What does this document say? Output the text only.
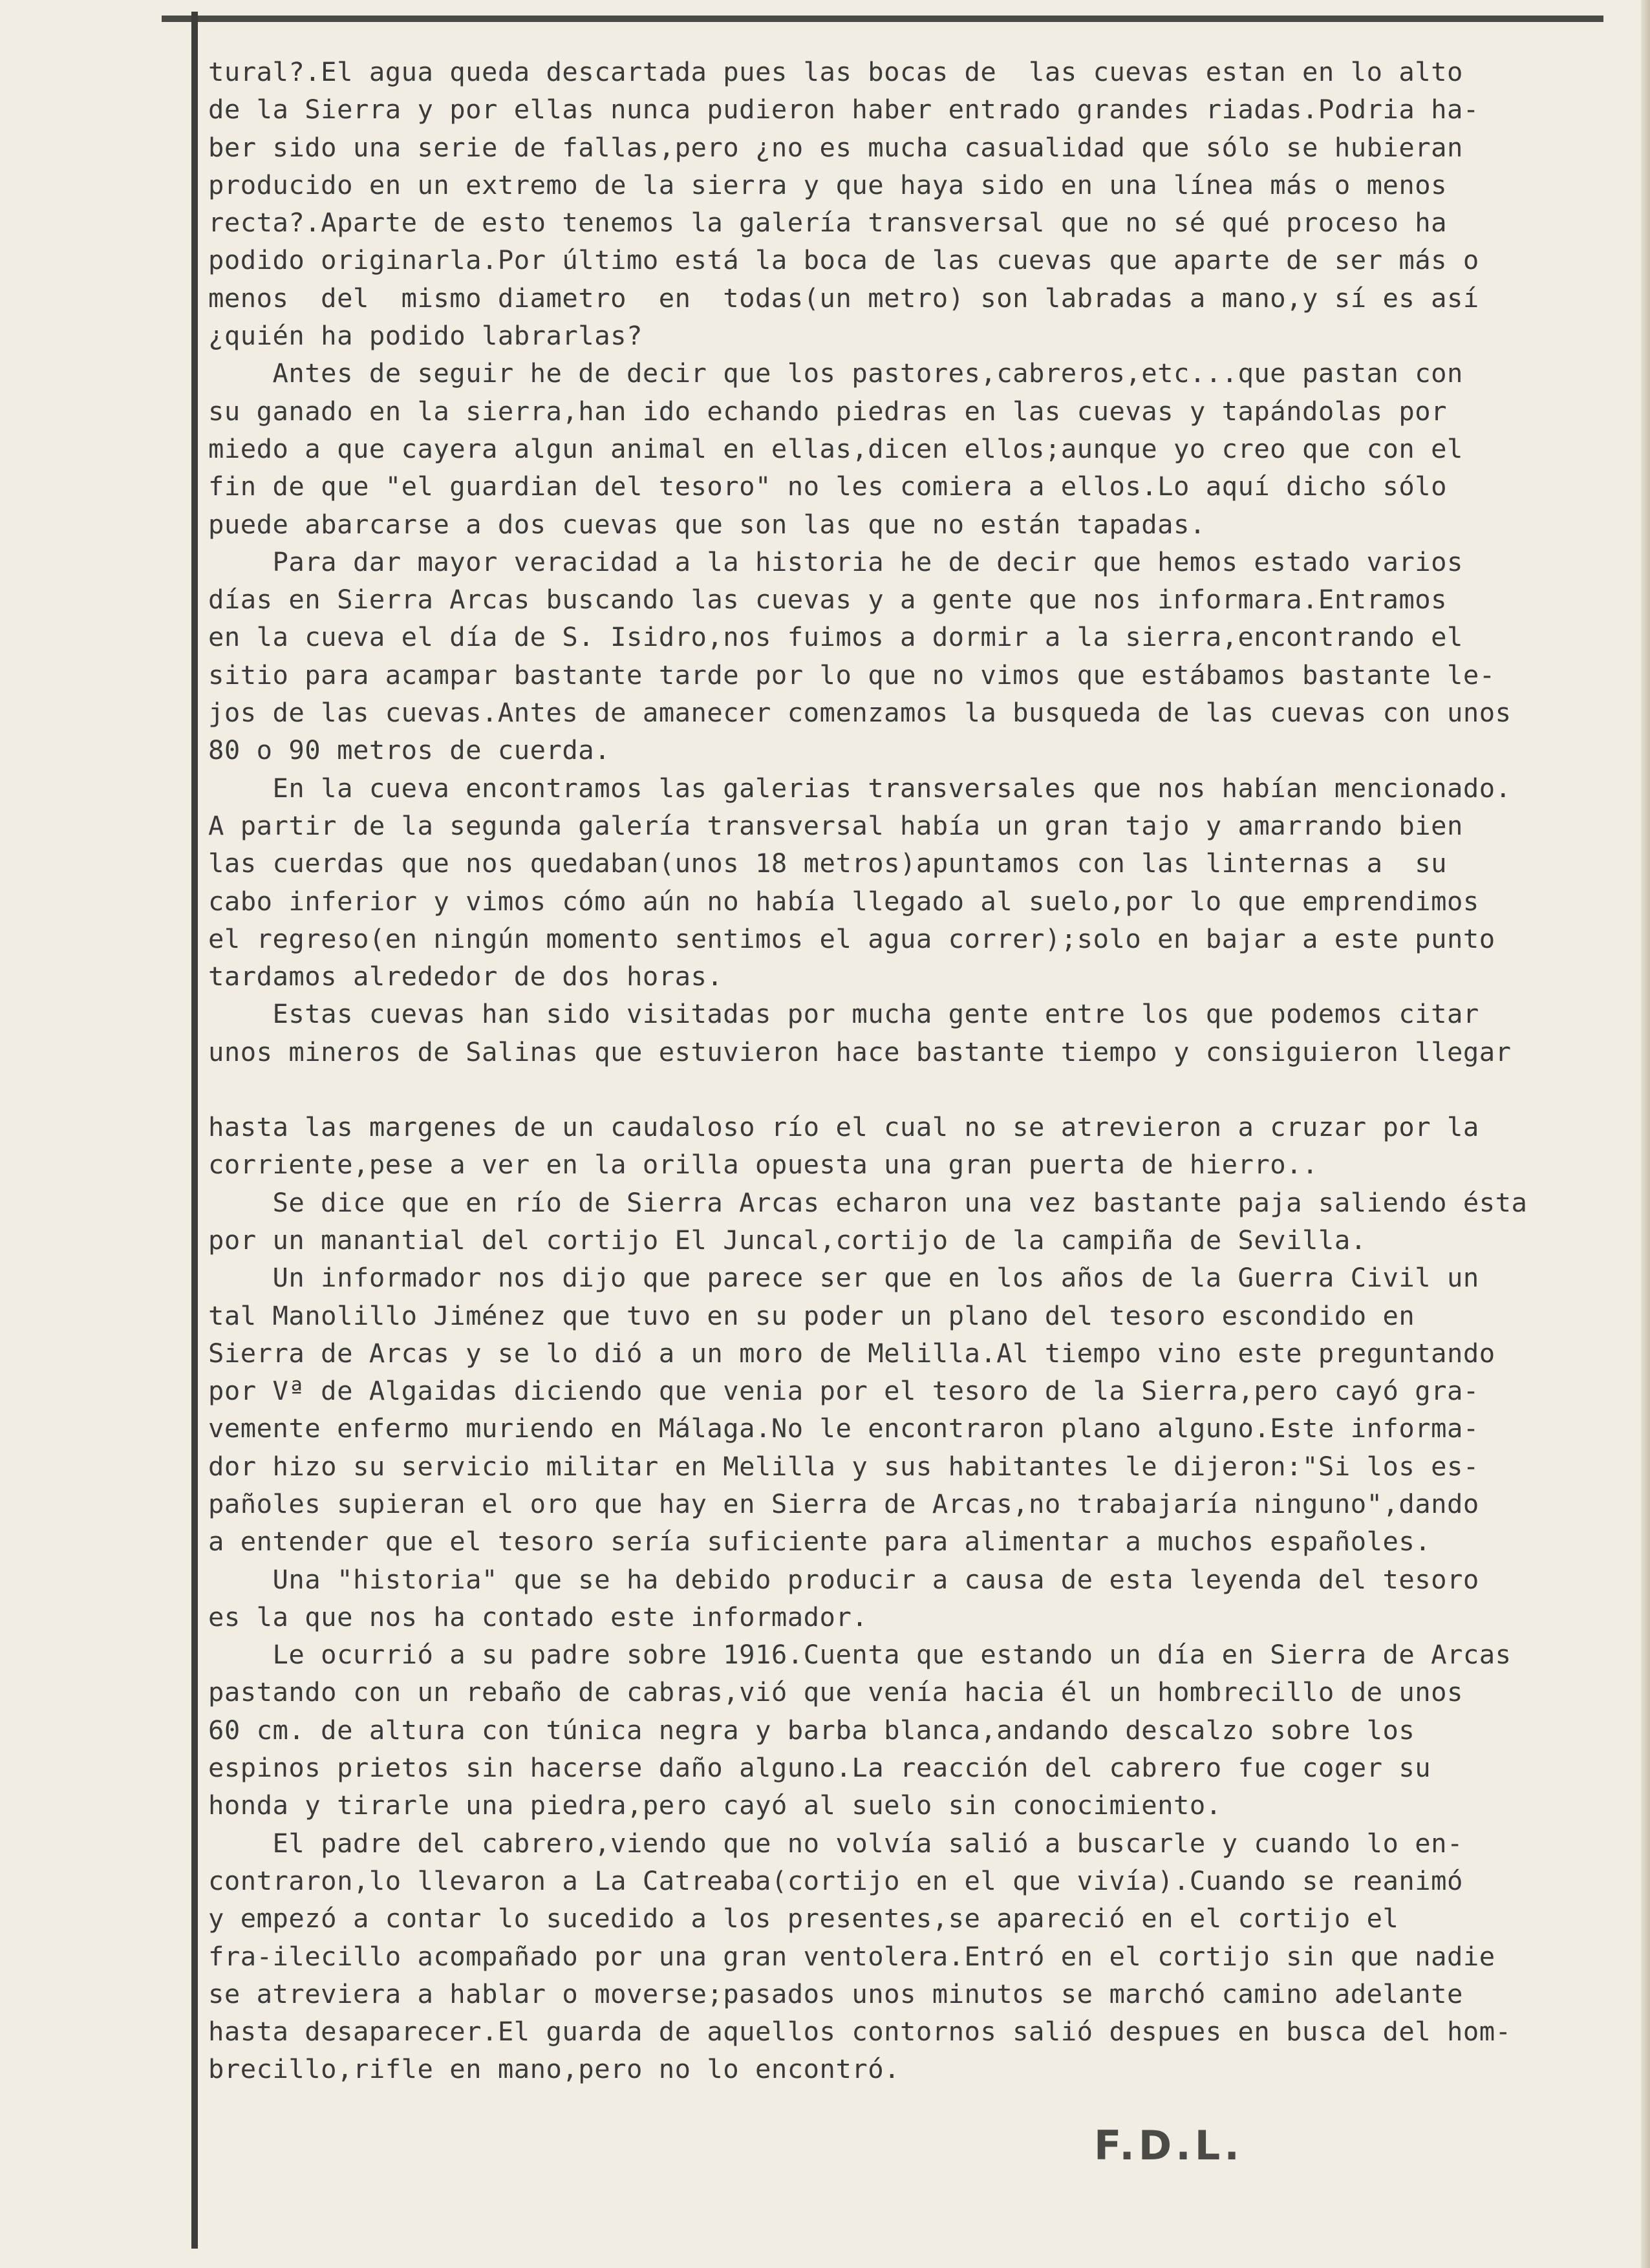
tural?.El agua queda descartada pues las bocas de  las cuevas estan en lo alto
de la Sierra y por ellas nunca pudieron haber entrado grandes riadas.Podria ha-
ber sido una serie de fallas,pero ¿no es mucha casualidad que sólo se hubieran
producido en un extremo de la sierra y que haya sido en una línea más o menos
recta?.Aparte de esto tenemos la galería transversal que no sé qué proceso ha
podido originarla.Por último está la boca de las cuevas que aparte de ser más o
menos  del  mismo diametro  en  todas(un metro) son labradas a mano,y sí es así
¿quién ha podido labrarlas?
Antes de seguir he de decir que los pastores,cabreros,etc...que pastan con
su ganado en la sierra,han ido echando piedras en las cuevas y tapándolas por
miedo a que cayera algun animal en ellas,dicen ellos;aunque yo creo que con el
fin de que "el guardian del tesoro" no les comiera a ellos.Lo aquí dicho sólo
puede abarcarse a dos cuevas que son las que no están tapadas.
Para dar mayor veracidad a la historia he de decir que hemos estado varios
días en Sierra Arcas buscando las cuevas y a gente que nos informara.Entramos
en la cueva el día de S. Isidro,nos fuimos a dormir a la sierra,encontrando el
sitio para acampar bastante tarde por lo que no vimos que estábamos bastante le-
jos de las cuevas.Antes de amanecer comenzamos la busqueda de las cuevas con unos
80 o 90 metros de cuerda.
En la cueva encontramos las galerias transversales que nos habían mencionado.
A partir de la segunda galería transversal había un gran tajo y amarrando bien
las cuerdas que nos quedaban(unos 18 metros)apuntamos con las linternas a  su
cabo inferior y vimos cómo aún no había llegado al suelo,por lo que emprendimos
el regreso(en ningún momento sentimos el agua correr);solo en bajar a este punto
tardamos alrededor de dos horas.
Estas cuevas han sido visitadas por mucha gente entre los que podemos citar
unos mineros de Salinas que estuvieron hace bastante tiempo y consiguieron llegar
hasta las margenes de un caudaloso río el cual no se atrevieron a cruzar por la
corriente,pese a ver en la orilla opuesta una gran puerta de hierro..
Se dice que en río de Sierra Arcas echaron una vez bastante paja saliendo ésta
por un manantial del cortijo El Juncal,cortijo de la campiña de Sevilla.
Un informador nos dijo que parece ser que en los años de la Guerra Civil un
tal Manolillo Jiménez que tuvo en su poder un plano del tesoro escondido en
Sierra de Arcas y se lo dió a un moro de Melilla.Al tiempo vino este preguntando
por Vª de Algaidas diciendo que venia por el tesoro de la Sierra,pero cayó gra-
vemente enfermo muriendo en Málaga.No le encontraron plano alguno.Este informa-
dor hizo su servicio militar en Melilla y sus habitantes le dijeron:"Si los es-
pañoles supieran el oro que hay en Sierra de Arcas,no trabajaría ninguno",dando
a entender que el tesoro sería suficiente para alimentar a muchos españoles.
Una "historia" que se ha debido producir a causa de esta leyenda del tesoro
es la que nos ha contado este informador.
Le ocurrió a su padre sobre 1916.Cuenta que estando un día en Sierra de Arcas
pastando con un rebaño de cabras,vió que venía hacia él un hombrecillo de unos
60 cm. de altura con túnica negra y barba blanca,andando descalzo sobre los
espinos prietos sin hacerse daño alguno.La reacción del cabrero fue coger su
honda y tirarle una piedra,pero cayó al suelo sin conocimiento.
El padre del cabrero,viendo que no volvía salió a buscarle y cuando lo en-
contraron,lo llevaron a La Catreaba(cortijo en el que vivía).Cuando se reanimó
y empezó a contar lo sucedido a los presentes,se apareció en el cortijo el
fra-ilecillo acompañado por una gran ventolera.Entró en el cortijo sin que nadie
se atreviera a hablar o moverse;pasados unos minutos se marchó camino adelante
hasta desaparecer.El guarda de aquellos contornos salió despues en busca del hom-
brecillo,rifle en mano,pero no lo encontró.
F.D.L.
